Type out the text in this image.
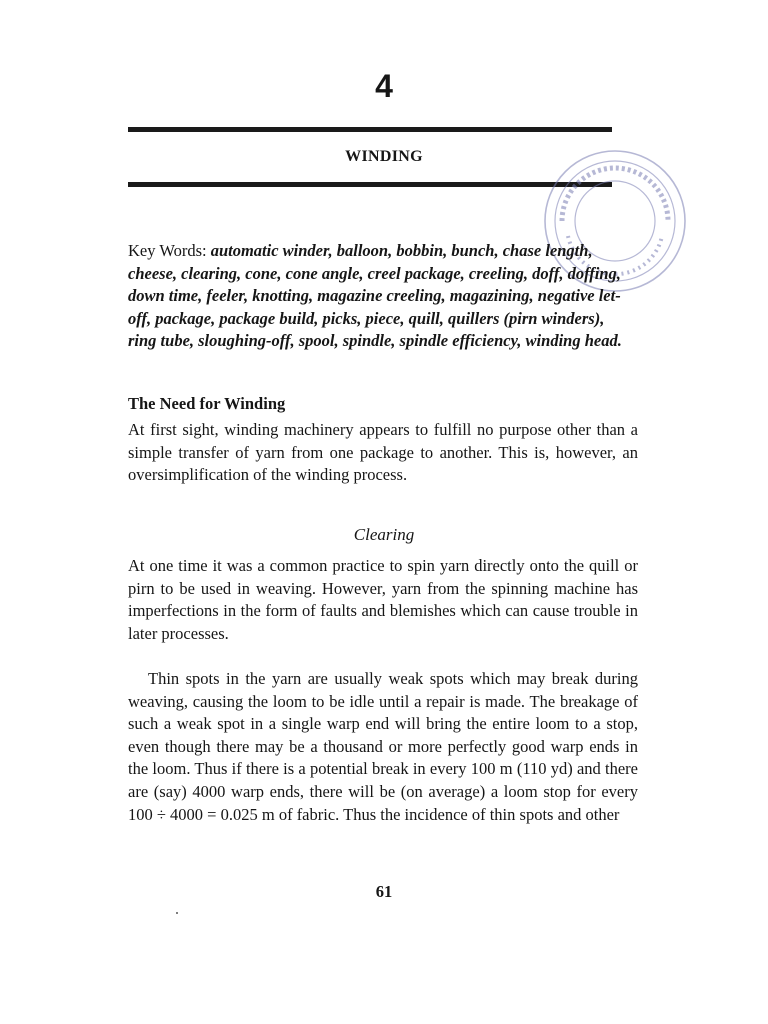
4
WINDING
Key Words: automatic winder, balloon, bobbin, bunch, chase length, cheese, clearing, cone, cone angle, creel package, creeling, doff, doffing, down time, feeler, knotting, magazine creeling, magazining, negative let-off, package, package build, picks, piece, quill, quillers (pirn winders), ring tube, sloughing-off, spool, spindle, spindle efficiency, winding head.
The Need for Winding
At first sight, winding machinery appears to fulfill no purpose other than a simple transfer of yarn from one package to another. This is, however, an oversimplification of the winding process.
Clearing
At one time it was a common practice to spin yarn directly onto the quill or pirn to be used in weaving. However, yarn from the spinning machine has imperfections in the form of faults and blemishes which can cause trouble in later processes.
Thin spots in the yarn are usually weak spots which may break during weaving, causing the loom to be idle until a repair is made. The breakage of such a weak spot in a single warp end will bring the entire loom to a stop, even though there may be a thousand or more perfectly good warp ends in the loom. Thus if there is a potential break in every 100 m (110 yd) and there are (say) 4000 warp ends, there will be (on average) a loom stop for every 100 ÷ 4000 = 0.025 m of fabric. Thus the incidence of thin spots and other
61
